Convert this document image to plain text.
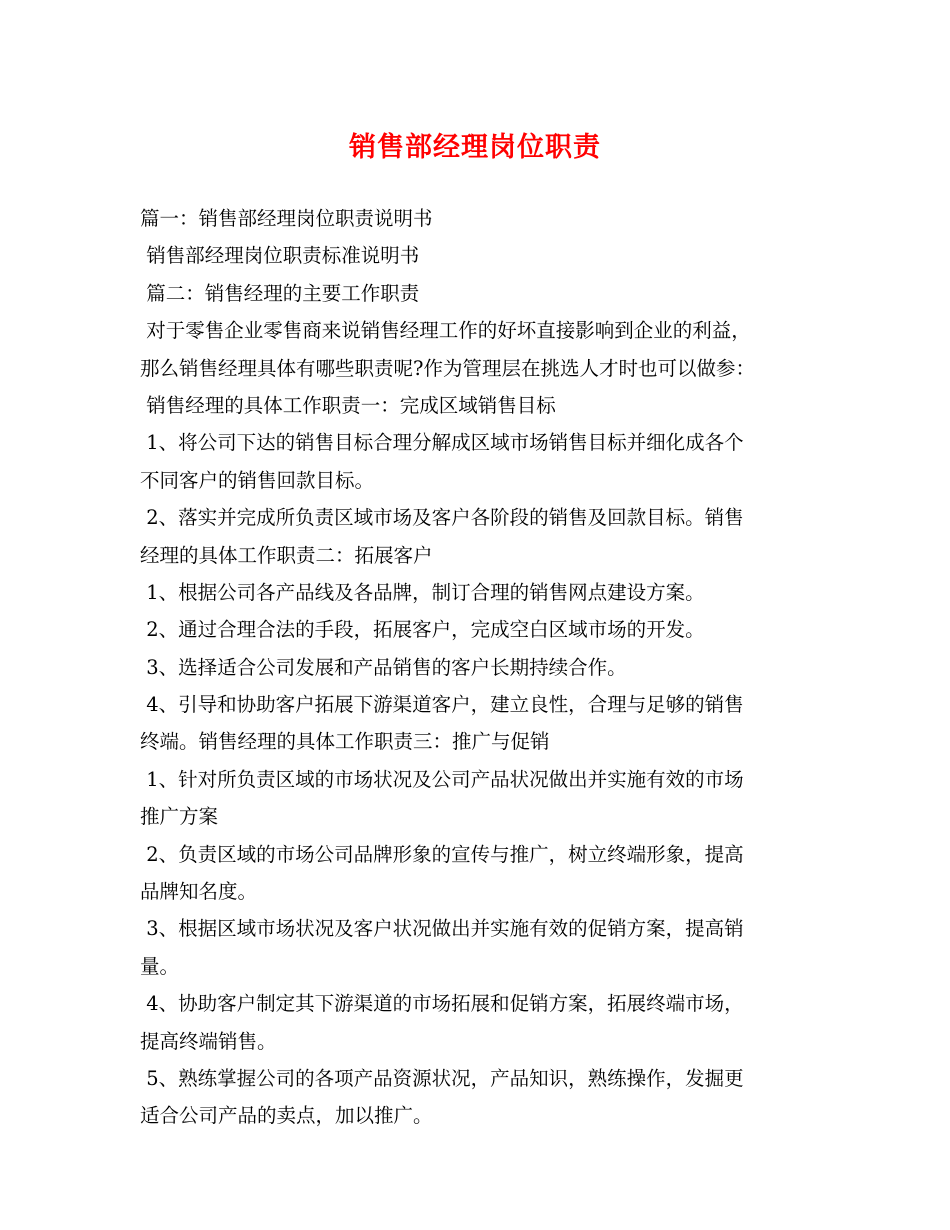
销售部经理岗位职责
篇一：销售部经理岗位职责说明书
销售部经理岗位职责标准说明书
篇二：销售经理的主要工作职责
对于零售企业零售商来说销售经理工作的好坏直接影响到企业的利益，
那么销售经理具体有哪些职责呢?作为管理层在挑选人才时也可以做参：
销售经理的具体工作职责一：完成区域销售目标
1、将公司下达的销售目标合理分解成区域市场销售目标并细化成各个
不同客户的销售回款目标。
2、落实并完成所负责区域市场及客户各阶段的销售及回款目标。销售
经理的具体工作职责二：拓展客户
1、根据公司各产品线及各品牌，制订合理的销售网点建设方案。
2、通过合理合法的手段，拓展客户，完成空白区域市场的开发。
3、选择适合公司发展和产品销售的客户长期持续合作。
4、引导和协助客户拓展下游渠道客户，建立良性，合理与足够的销售
终端。销售经理的具体工作职责三：推广与促销
1、针对所负责区域的市场状况及公司产品状况做出并实施有效的市场
推广方案
2、负责区域的市场公司品牌形象的宣传与推广，树立终端形象，提高
品牌知名度。
3、根据区域市场状况及客户状况做出并实施有效的促销方案，提高销
量。
4、协助客户制定其下游渠道的市场拓展和促销方案，拓展终端市场，
提高终端销售。
5、熟练掌握公司的各项产品资源状况，产品知识，熟练操作，发掘更
适合公司产品的卖点，加以推广。
